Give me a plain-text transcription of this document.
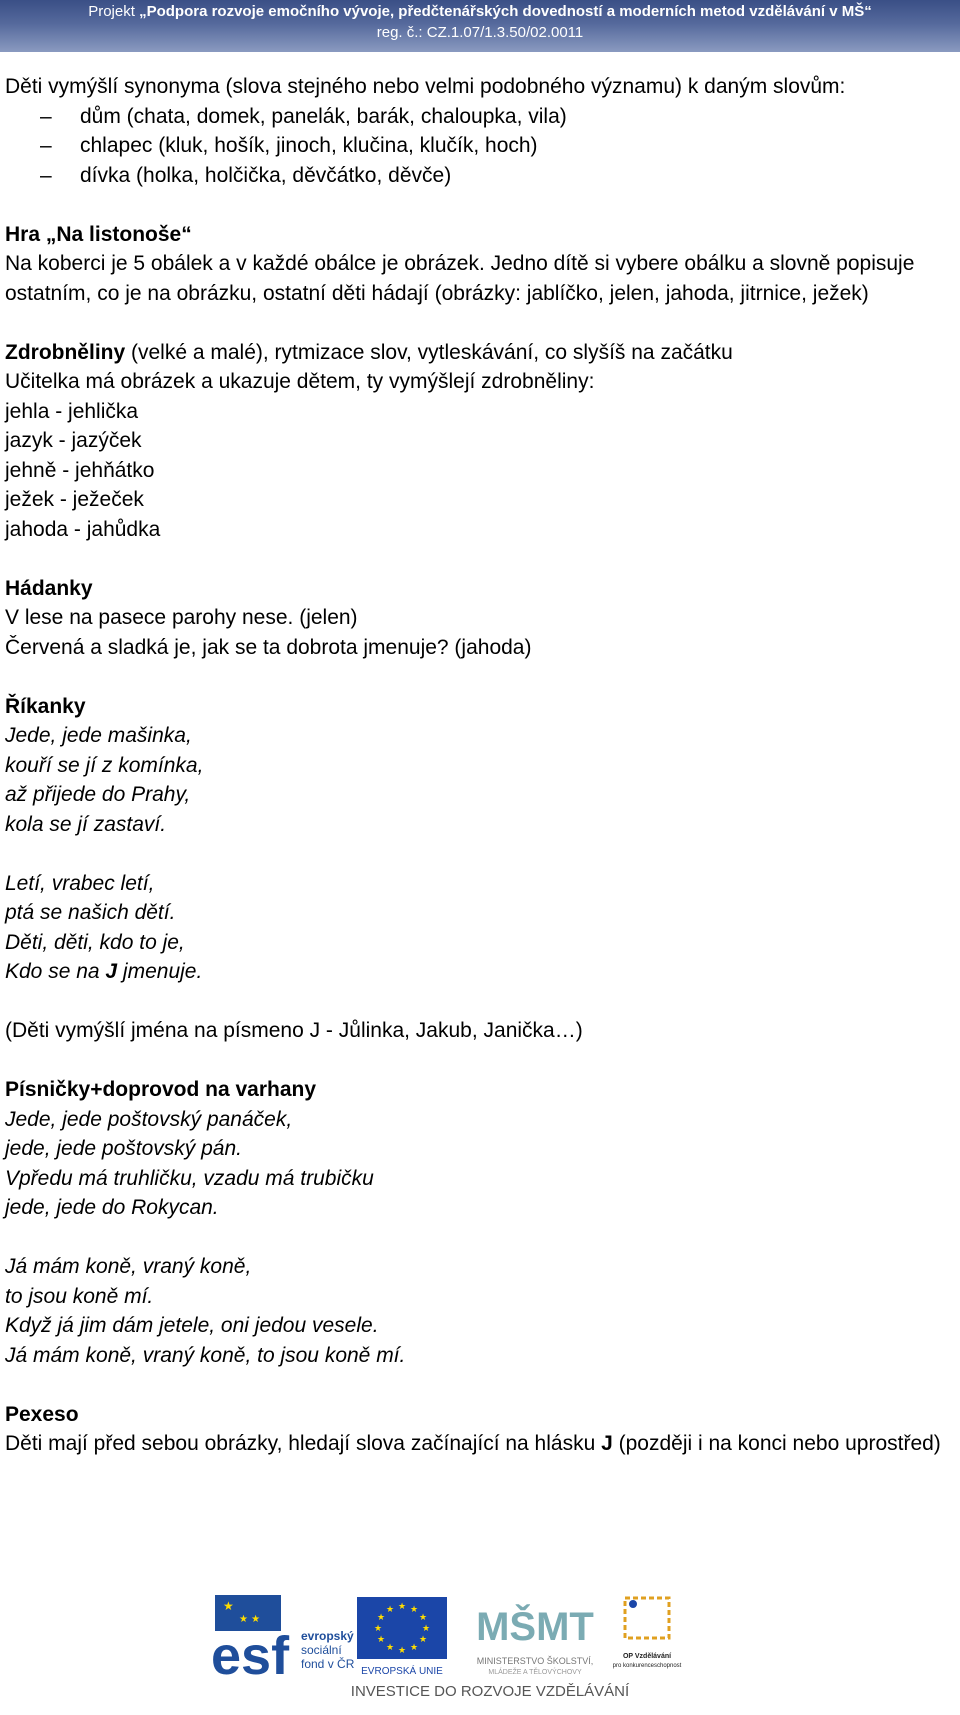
Projekt „Podpora rozvoje emočního vývoje, předčtenářských dovedností a moderních metod vzdělávání v MŠ“
reg. č.: CZ.1.07/1.3.50/02.0011

Děti vymýšlí synonyma (slova stejného nebo velmi podobného významu) k daným slovům:

– dům (chata, domek, panelák, barák, chaloupka, vila)
– chlapec (kluk, hošík, jinoch, klučina, klučík, hoch)
– dívka (holka, holčička, děvčátko, děvče)

Hra „Na listonoše“

Na koberci je 5 obálek a v každé obálce je obrázek. Jedno dítě si vybere obálku a slovně popisuje ostatním, co je na obrázku, ostatní děti hádají (obrázky: jablíčko, jelen, jahoda, jitrnice, ježek)

Zdrobněliny (velké a malé), rytmizace slov, vytleskávání, co slyšíš na začátku

Učitelka má obrázek a ukazuje dětem, ty vymýšlejí zdrobněliny:

jehla - jehlička

jazyk - jazýček

jehně - jehňátko

ježek - ježeček

jahoda - jahůdka

Hádanky

V lese na pasece parohy nese. (jelen)

Červená a sladká je, jak se ta dobrota jmenuje? (jahoda)

Říkanky

Jede, jede mašinka,

kouří se jí z komínka,

až přijede do Prahy,

kola se jí zastaví.

Letí, vrabec letí,

ptá se našich dětí.

Děti, děti, kdo to je,

Kdo se na J jmenuje.

(Děti vymýšlí jména na písmeno J - Jůlinka, Jakub, Janička…)

Písničky+doprovod na varhany

Jede, jede poštovský panáček,

jede, jede poštovský pán.

Vpředu má truhličku, vzadu má trubičku

jede, jede do Rokycan.

Já mám koně, vraný koně,

to jsou koně mí.

Když já jim dám jetele, oni jedou vesele.

Já mám koně, vraný koně, to jsou koně mí.

Pexeso

Děti mají před sebou obrázky, hledají slova začínající na hlásku J (později i na konci nebo uprostřed)

★
★ ★
esf evropský
sociální
fond v ČR
★ ★
★
★
★
★
★
★
★
★
★
★
EVROPSKÁ UNIE
MŠMT
MINISTERSTVO ŠKOLSTVÍ,
MLÁDEŽE A TĚLOVÝCHOVY
OP Vzdělávání
pro konkurenceschopnost
INVESTICE DO ROZVOJE VZDĚLÁVÁNÍ
